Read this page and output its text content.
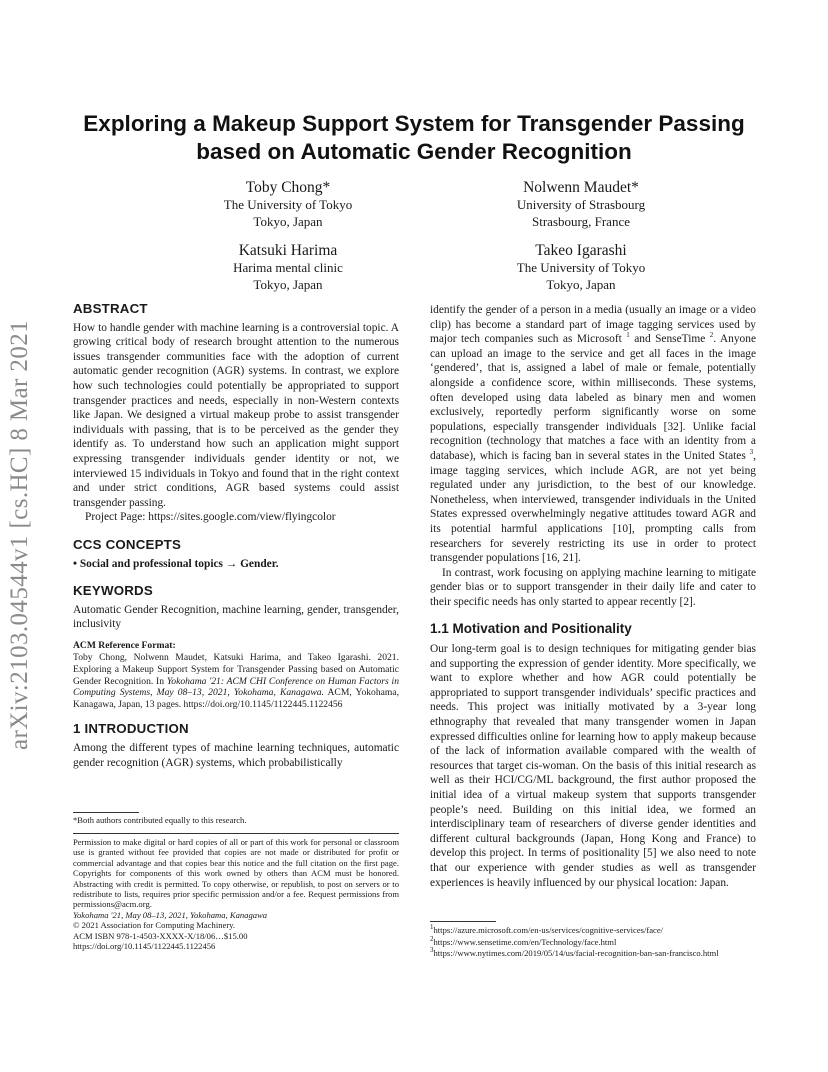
arXiv:2103.04544v1 [cs.HC] 8 Mar 2021
Exploring a Makeup Support System for Transgender Passing
based on Automatic Gender Recognition
Toby Chong*
The University of Tokyo
Tokyo, Japan
Nolwenn Maudet*
University of Strasbourg
Strasbourg, France
Katsuki Harima
Harima mental clinic
Tokyo, Japan
Takeo Igarashi
The University of Tokyo
Tokyo, Japan
ABSTRACT

How to handle gender with machine learning is a controversial topic. A growing critical body of research brought attention to the numerous issues transgender communities face with the adoption of current automatic gender recognition (AGR) systems. In contrast, we explore how such technologies could potentially be appropriated to support transgender practices and needs, especially in non-Western contexts like Japan. We designed a virtual makeup probe to assist transgender individuals with passing, that is to be perceived as the gender they identify as. To understand how such an application might support expressing transgender individuals gender identity or not, we interviewed 15 individuals in Tokyo and found that in the right context and under strict conditions, AGR based systems could assist transgender passing.

Project Page: https://sites.google.com/view/flyingcolor

CCS CONCEPTS

• Social and professional topics → Gender.

KEYWORDS

Automatic Gender Recognition, machine learning, gender, transgender, inclusivity

ACM Reference Format:

Toby Chong, Nolwenn Maudet, Katsuki Harima, and Takeo Igarashi. 2021. Exploring a Makeup Support System for Transgender Passing based on Automatic Gender Recognition. In Yokohama '21: ACM CHI Conference on Human Factors in Computing Systems, May 08–13, 2021, Yokohama, Kanagawa. ACM, Yokohama, Kanagawa, Japan, 13 pages. https://doi.org/10.1145/1122445.1122456

1 INTRODUCTION

Among the different types of machine learning techniques, automatic gender recognition (AGR) systems, which probabilistically

*Both authors contributed equally to this research.
Permission to make digital or hard copies of all or part of this work for personal or classroom use is granted without fee provided that copies are not made or distributed for profit or commercial advantage and that copies bear this notice and the full citation on the first page. Copyrights for components of this work owned by others than ACM must be honored. Abstracting with credit is permitted. To copy otherwise, or republish, to post on servers or to redistribute to lists, requires prior specific permission and/or a fee. Request permissions from permissions@acm.org.
Yokohama '21, May 08–13, 2021, Yokohama, Kanagawa
© 2021 Association for Computing Machinery.
ACM ISBN 978-1-4503-XXXX-X/18/06…$15.00
https://doi.org/10.1145/1122445.1122456

identify the gender of a person in a media (usually an image or a video clip) has become a standard part of image tagging services used by major tech companies such as Microsoft $^1$ and SenseTime $^2$. Anyone can upload an image to the service and get all faces in the image ‘gendered’, that is, assigned a label of male or female, potentially alongside a confidence score, within milliseconds. These systems, often developed using data labeled as binary men and women exclusively, reportedly perform significantly worse on some populations, especially transgender individuals [32]. Unlike facial recognition (technology that matches a face with an identity from a database), which is facing ban in several states in the United States $^3$, image tagging services, which include AGR, are not yet being regulated under any jurisdiction, to the best of our knowledge. Nonetheless, when interviewed, transgender individuals in the United States expressed overwhelmingly negative attitudes toward AGR and its potential harmful applications [10], prompting calls from researchers for severely restricting its use in order to protect transgender populations [16, 21].

In contrast, work focusing on applying machine learning to mitigate gender bias or to support transgender in their daily life and cater to their specific needs has only started to appear recently [2].

1.1 Motivation and Positionality

Our long-term goal is to design techniques for mitigating gender bias and supporting the expression of gender identity. More specifically, we want to explore whether and how AGR could potentially be appropriated to support transgender individuals’ specific practices and needs. This project was initially motivated by a 3-year long ethnography that revealed that many transgender women in Japan expressed difficulties online for learning how to apply makeup because of the lack of information available compared with the wealth of resources that target cis-woman. On the basis of this initial research as well as their HCI/CG/ML background, the first author proposed the initial idea of a virtual makeup system that supports transgender people’s need. Building on this initial idea, we formed an interdisciplinary team of researchers of diverse gender identities and different cultural backgrounds (Japan, Hong Kong and France) to develop this project. In terms of positionality [5] we also need to note that our experience with gender studies as well as transgender experiences is heavily influenced by our physical location: Japan.

$^1$https://azure.microsoft.com/en-us/services/cognitive-services/face/
$^2$https://www.sensetime.com/en/Technology/face.html
$^3$https://www.nytimes.com/2019/05/14/us/facial-recognition-ban-san-francisco.html
